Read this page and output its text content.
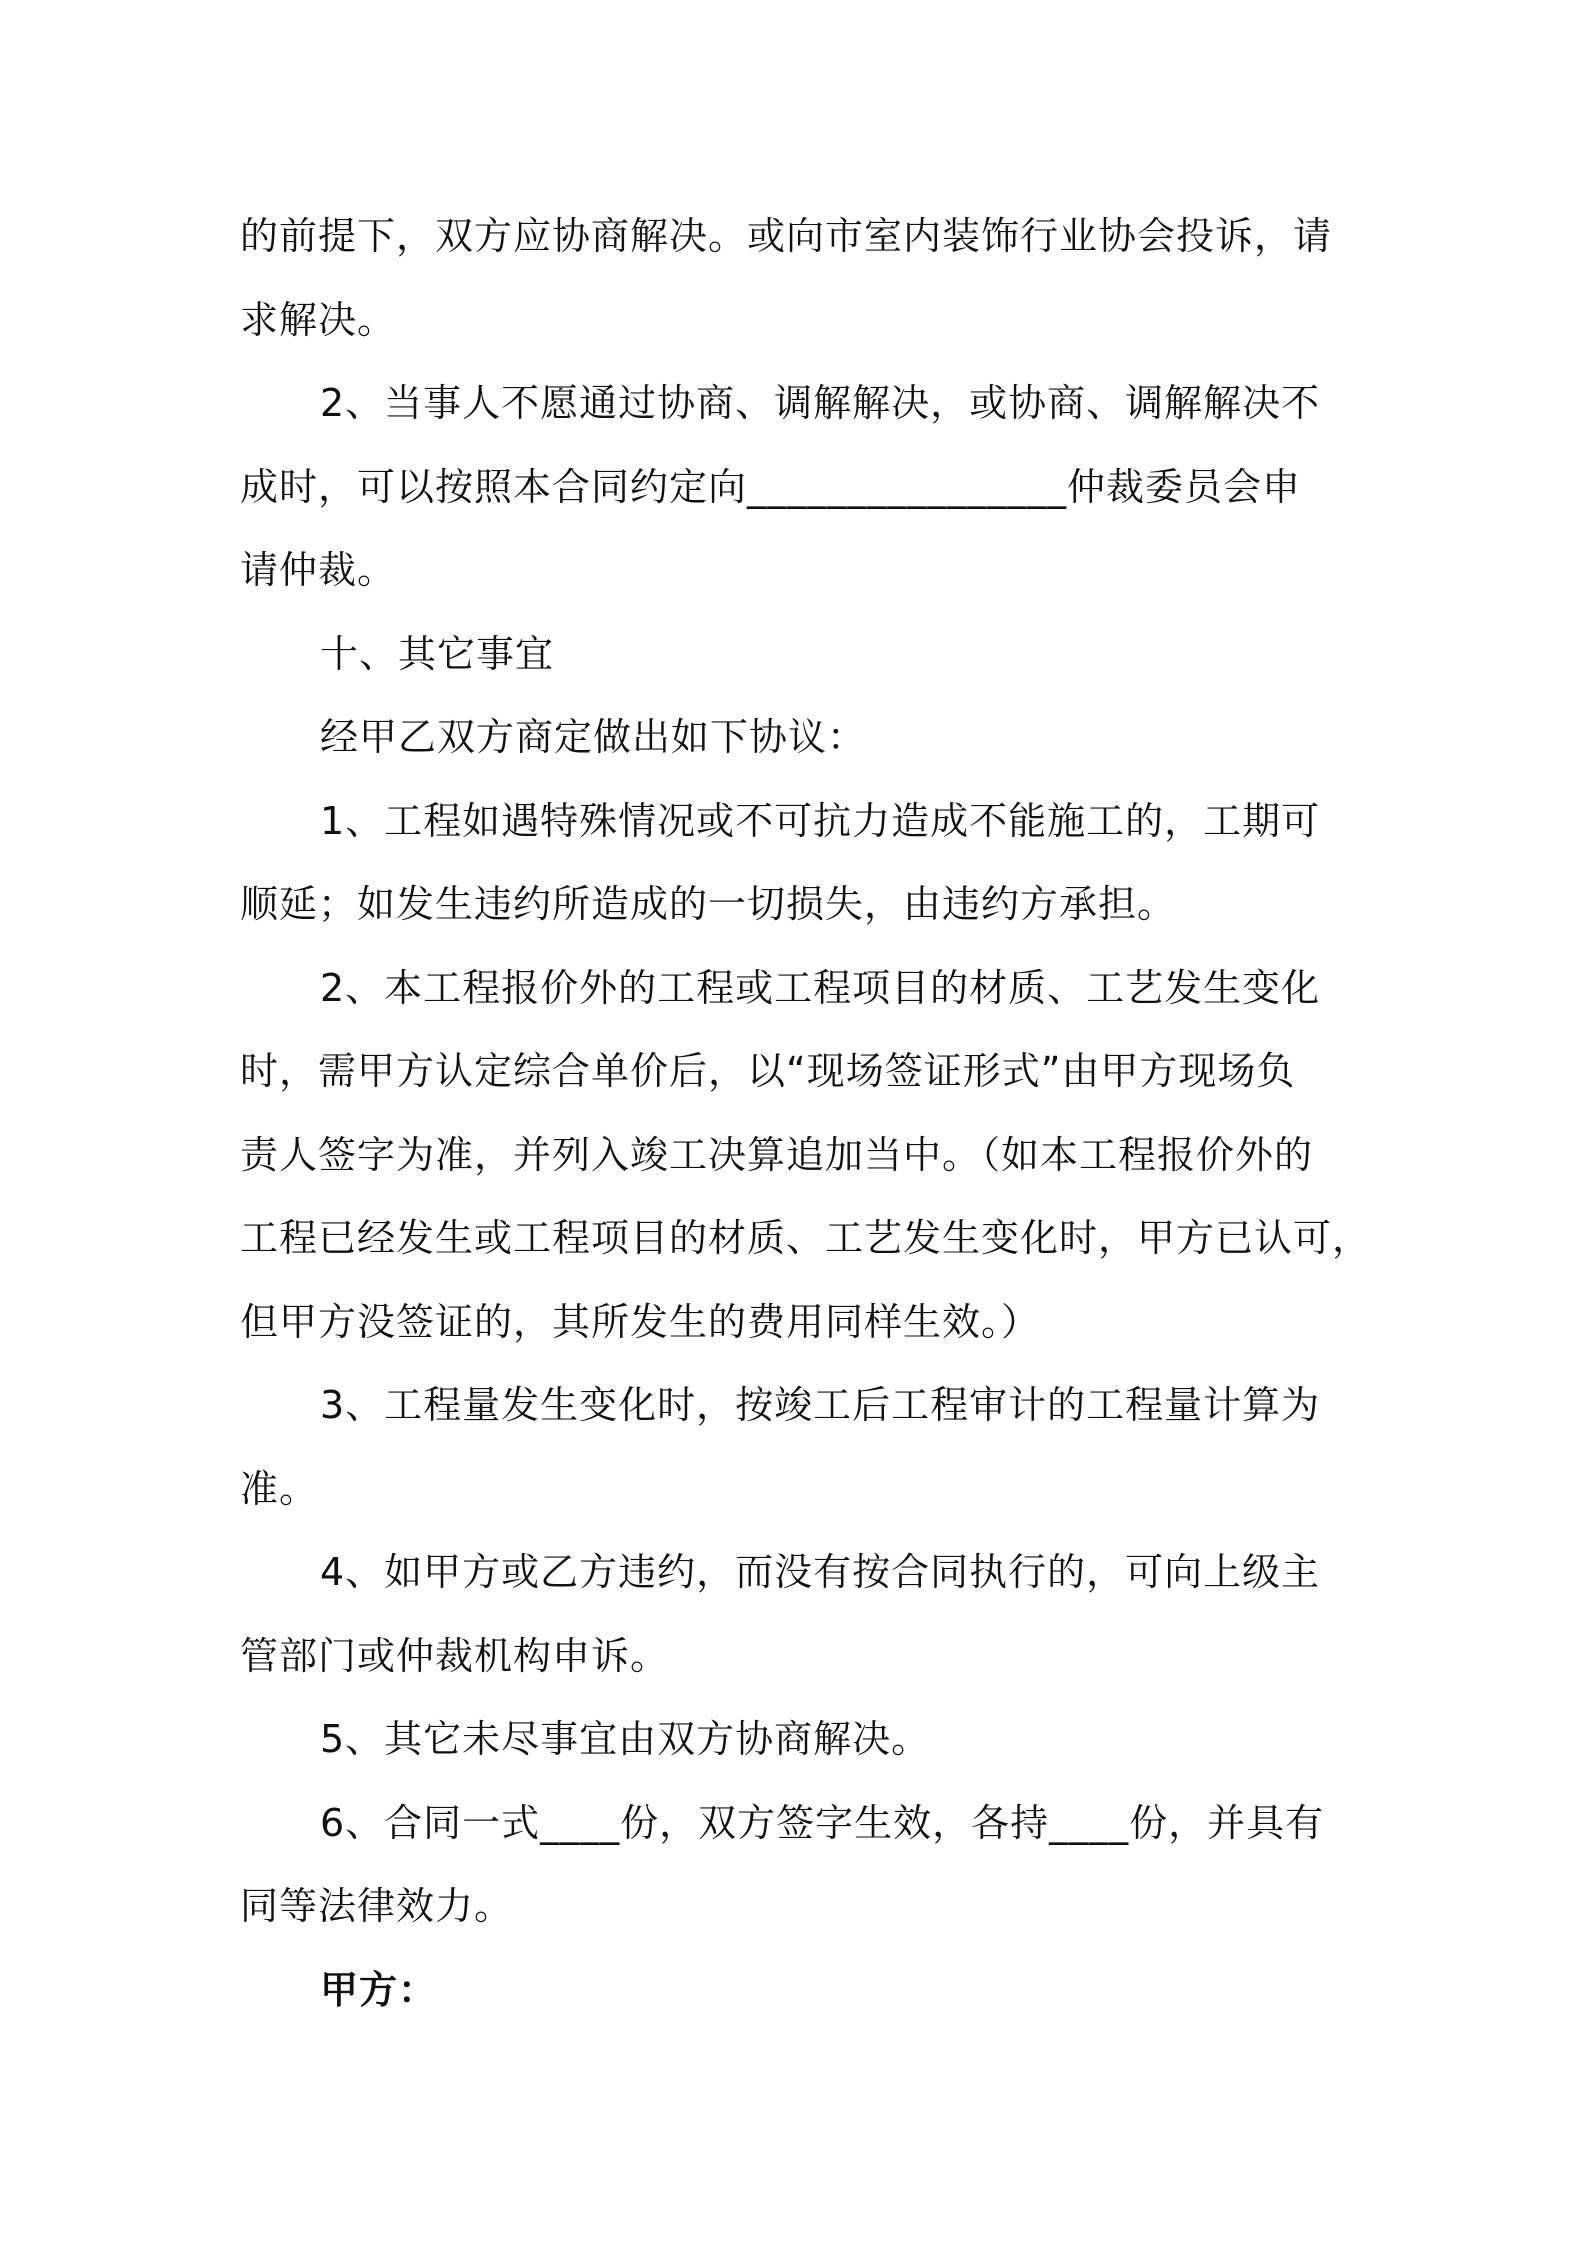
的前提下，双方应协商解决。或向市室内装饰行业协会投诉，请
求解决。
2、当事人不愿通过协商、调解解决，或协商、调解解决不
成时，可以按照本合同约定向________________仲裁委员会申
请仲裁。
十、其它事宜
经甲乙双方商定做出如下协议：
1、工程如遇特殊情况或不可抗力造成不能施工的，工期可
顺延；如发生违约所造成的一切损失，由违约方承担。
2、本工程报价外的工程或工程项目的材质、工艺发生变化
时，需甲方认定综合单价后，以“现场签证形式”由甲方现场负
责人签字为准，并列入竣工决算追加当中。（如本工程报价外的
工程已经发生或工程项目的材质、工艺发生变化时，甲方已认可，
但甲方没签证的，其所发生的费用同样生效。）
3、工程量发生变化时，按竣工后工程审计的工程量计算为
准。
4、如甲方或乙方违约，而没有按合同执行的，可向上级主
管部门或仲裁机构申诉。
5、其它未尽事宜由双方协商解决。
6、合同一式____份，双方签字生效，各持____份，并具有
同等法律效力。
甲方：
